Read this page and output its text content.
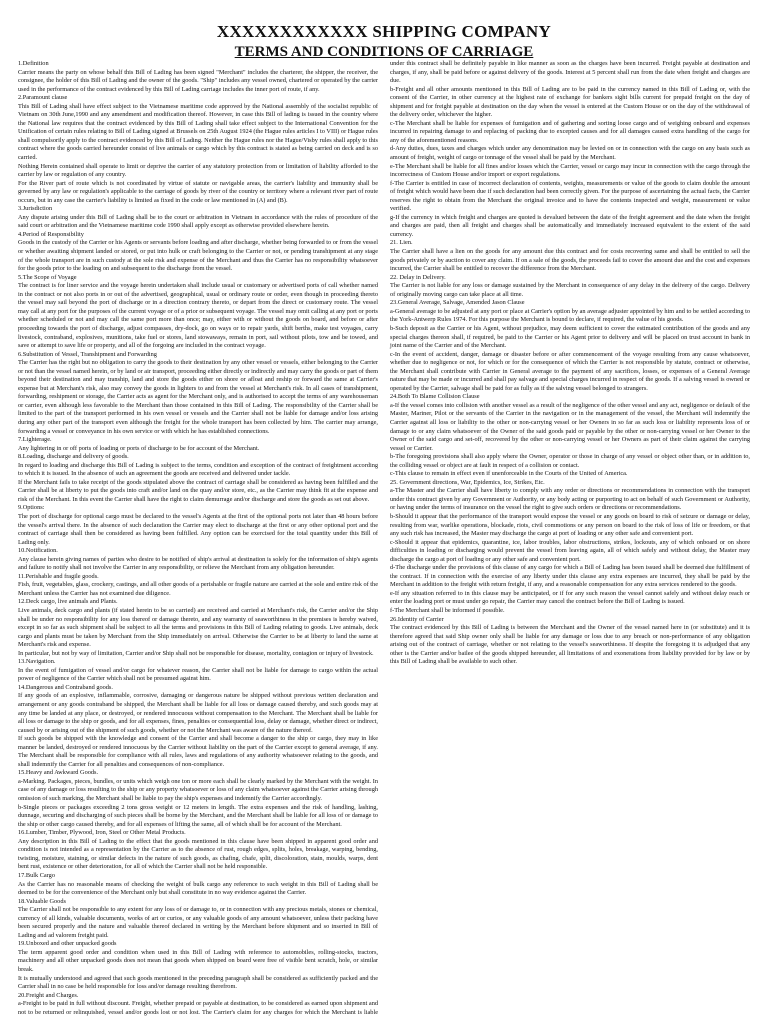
XXXXXXXXXXXX SHIPPING COMPANY
TERMS AND CONDITIONS OF CARRIAGE

1.Definition

Carrier means the party on whose behalf this Bill of Lading has been signed "Merchant" includes the charterer, the shipper, the receiver, the consignee, the holder of this Bill of Lading and the owner of the goods. "Ship" includes any vessel owned, chartered or operated by the carrier used in the performance of the contract evidenced by this Bill of Lading carriage includes the inner port of route, if any.

2.Paramount clause

This Bill of Lading shall have effect subject to the Vietnamese maritime code approved by the National assembly of the socialist republic of Vietnam on 30th June,1990 and any amendment and modification thereof. However, in case this Bill of lading is issued in the country where the National law requires that the contract evidenced by this Bill of Lading shall take effect subject to the International Convention for the Unification of certain rules relating to Bill of Lading signed at Brussels on 25th August 1924 (the Hague rules articles I to VIII) or Hague rules shall compulsorily apply to the contract evidenced by this Bill of Lading. Neither the Hague rules nor the Hague/Visby rules shall apply to this contract where the goods carried hereunder consist of live animals or cargo which by this contract is stated as being carried on deck and is so carried.

Nothing Herein contained shall operate to limit or deprive the carrier of any statutory protection from or limitation of liability afforded to the carrier by law or regulation of any country.

For the River part of route which is not coordinated by virtue of statute or navigable areas, the carrier's liability and immunity shall be governed by any law or regulation's applicable to the carriage of goods by river of the country or territory where a relevant river part of route occurs, but in any case the carrier's liability is limited as fixed in the code or law mentioned in (A) and (B).

3.Jurisdiction

Any dispute arising under this Bill of Lading shall be to the court or arbitration in Vietnam in accordance with the rules of procedure of the said court or arbitration and the Vietnamese maritime code 1990 shall apply except as otherwise provided elsewhere herein.

4.Period of Responsibility

Goods in the custody of the Carrier or his Agents or servants before loading and after discharge, whether being forwarded to or from the vessel or whether awaiting shipment landed or stored, or put into hulk or craft belonging to the Carrier or not, or pending transhipment at any stage of the whole transport are in such custody at the sole risk and expense of the Merchant and thus the Carrier has no responsibility whatsoever for the goods prior to the loading on and subsequent to the discharge from the vessel.

5.The Scope of Voyage

The contract is for liner service and the voyage herein undertaken shall include usual or customary or advertised ports of call whether named in the contract or not also ports in or out of the advertised, geographical, usual or ordinary route or order, even though in proceeding thereto the vessel may sail beyond the port of discharge or in a direction contrary thereto, or depart from the direct or customary route. The vessel may call at any port for the purposes of the current voyage or of a prior or subsequent voyage. The vessel may omit calling at any port or ports whether scheduled or not and may call the same port more than once; may, either with or without the goods on board, and before or after proceeding towards the port of discharge, adjust compasses, dry-dock, go on ways or to repair yards, shift berths, make test voyages, carry livestock, contraband, explosives, munitions, take fuel or stores, land stowaways, remain in port, sail without pilots, tow and be towed, and save or attempt to save life or property, and all of the forgoing are included in the contract voyage.

6.Substitution of Vessel, Transhipment and Forwarding

The Carrier has the right but no obligation to carry the goods to their destination by any other vessel or vessels, either belonging to the Carrier or not than the vessel named herein, or by land or air transport, proceeding either directly or indirectly and may carry the goods or part of them beyond their destination and may tranship, land and store the goods either on shore or afloat and reship or forward the same at Carrier's expense but at Merchant's risk, also may convey the goods in lighters to and from the vessel at Merchant's risk. In all cases of transhipment, forwarding, reshipment or storage, the Carrier acts as agent for the Merchant only, and is authorised to accept the terms of any warehouseman or carrier, even although less favorable to the Merchant than those contained in this Bill of Lading. The responsibility of the Carrier shall be limited to the part of the transport performed in his own vessel or vessels and the Carrier shall not be liable for damage and/or loss arising during any other part of the transport even although the freight for the whole transport has been collected by him. The carrier may arrange, forwarding a vessel or conveyance in his own service or with which he has established connections.

7.Lighterage.

Any lightering in or off ports of loading or ports of discharge to be for account of the Merchant.

8.Loading, discharge and delivery of goods.

In regard to loading and discharge this Bill of Lading is subject to the terms, condition and exception of the contract of freightment according to which it is issued. In the absence of such an agreement the goods are received and delivered under tackle.

If the Merchant fails to take receipt of the goods stipulated above the contract of carriage shall be considered as having been fulfilled and the Carrier shall be at liberty to put the goods into craft and/or land on the quay and/or store, etc., as the Carrier may think fit at the expense and risk of the Merchant. In this event the Carrier shall have the right to claim demurrage and/or discharge and store the goods as set out above.

9.Options:

The port of discharge for optional cargo must be declared to the vessel's Agents at the first of the optional ports not later than 48 hours before the vessel's arrival there. In the absence of such declaration the Carrier may elect to discharge at the first or any other optional port and the contract of carriage shall then be considered as having been fulfilled. Any option can be exercised for the total quantity under this Bill of Lading only.

10.Notification.

Any clause herein giving names of parties who desire to be notified of ship's arrival at destination is solely for the information of ship's agents and failure to notify shall not involve the Carrier in any responsibility, or relieve the Merchant from any obligation hereunder.

11.Perishable and fragile goods.

Fish, fruit, vegetables, glass, crockery, castings, and all other goods of a perishable or fragile nature are carried at the sole and entire risk of the Merchant unless the Carrier has not examined due diligence.

12.Deck cargo, live animals and Plants.

Live animals, deck cargo and plants (if stated herein to be so carried) are received and carried at Merchant's risk, the Carrier and/or the Ship shall be under no responsibility for any loss thereof or damage thereto, and any warranty of seaworthiness in the premises is hereby waived, except in so far as such shipment shall be subject to all the terms and provisions in this Bill of Lading relating to goods. Live animals, deck cargo and plants must be taken by Merchant from the Ship immediately on arrival. Otherwise the Carrier to be at liberty to land the same at Merchant's risk and expense.

In particular, but not by way of limitation, Carrier and/or Ship shall not be responsible for disease, mortality, contagion or injury of livestock.

13.Navigation.

In the event of fumigation of vessel and/or cargo for whatever reason, the Carrier shall not be liable for damage to cargo within the actual power of negligence of the Carrier which shall not be presumed against him.

14.Dangerous and Contraband goods.

If any goods of an explosive, inflammable, corrosive, damaging or dangerous nature be shipped without previous written declaration and arrangement or any goods contraband be shipped, the Merchant shall be liable for all loss or damage caused thereby, and such goods may at any time be landed at any place, or destroyed, or rendered innocuous without compensation to the Merchant. The Merchant shall be liable for all loss or damage to the ship or goods, and for all expenses, fines, penalties or consequential loss, delay or damage, whether direct or indirect, caused by or arising out of the shipment of such goods, whether or not the Merchant was aware of the nature thereof.

If such goods be shipped with the knowledge and consent of the Carrier and shall become a danger to the ship or cargo, they may in like manner be landed, destroyed or rendered innocuous by the Carrier without liability on the part of the Carrier except to general average, if any. The Merchant shall be responsible for compliance with all rules, laws and regulations of any authority whatsoever relating to the goods, and shall indemnify the Carrier for all penalties and consequences of non-compliance.

15.Heavy and Awkward Goods.

a-Marking. Packages, pieces, bundles, or units which weigh one ton or more each shall be clearly marked by the Merchant with the weight. In case of any damage or loss resulting to the ship or any property whatsoever or loss of any claim whatsoever against the Carrier arising through omission of such marking, the Merchant shall be liable to pay the ship's expenses and indemnify the Carrier accordingly.

b-Single pieces or packages exceeding 2 tons gross weight or 12 meters in length. The extra expenses and the risk of handling, lashing, dunnage, securing and discharging of such pieces shall be borne by the Merchant, and the Merchant shall be liable for all loss of or damage to the ship or other cargo caused thereby, and for all expenses of lifting the same, all of which shall be for account of the Merchant.

16.Lumber, Timber, Plywood, Iron, Steel or Other Metal Products.

Any description in this Bill of Lading to the effect that the goods mentioned in this clause have been shipped in apparent good order and condition is not intended as a representation by the Carrier as to the absence of rust, rough edges, splits, holes, breakage, warping, bending, twisting, moisture, staining, or similar defects in the nature of such goods, as chafing, chafe, split, discoloration, stain, moulds, warps, dent bent rust, existence or other deterioration, for all of which the Carrier shall not be held responsible.

17.Bulk Cargo

As the Carrier has no reasonable means of checking the weight of bulk cargo any reference to such weight in this Bill of Lading shall be deemed to be for the convenience of the Merchant only but shall constitute in no way evidence against the Carrier.

18.Valuable Goods

The Carrier shall not be responsible to any extent for any loss of or damage to, or in connection with any precious metals, stones or chemical, currency of all kinds, valuable documents, works of art or curios, or any valuable goods of any amount whatsoever, unless their packing have been secured properly and the nature and valuable thereof declared in writing by the Merchant before shipment and so inserted in Bill of Lading and ad valorem freight paid.

19.Unboxed and other unpacked goods

The term apparent good order and condition when used in this Bill of Lading with reference to automobiles, rolling-stocks, tractors, machinery and all other unpacked goods does not mean that goods when shipped on board were free of visible bent scratch, hole, or similar break.

It is mutually understood and agreed that such goods mentioned in the preceding paragraph shall be considered as sufficiently packed and the Carrier shall in no case be held responsible for loss and/or damage resulting therefrom.

20.Freight and Charges.

a-Freight to be paid in full without discount. Freight, whether prepaid or payable at destination, to be considered as earned upon shipment and not to be returned or relinquished, vessel and/or goods lost or not lost. The Carrier's claim for any charges for which the Merchant is liable under this contract shall be definitely payable in like manner as soon as the charges have been incurred. Freight payable at destination and charges, if any, shall be paid before or against delivery of the goods. Interest at 5 percent shall run from the date when freight and charges are due.

b-Freight and all other amounts mentioned in this Bill of Lading are to be paid in the currency named in this Bill of Lading or, with the consent of the Carrier, in other currency at the highest rate of exchange for bankers sight bills current for prepaid freight on the day of shipment and for freight payable at destination on the day when the vessel is entered at the Custom House or on the day of the withdrawal of the delivery order, whichever the higher.

c-The Merchant shall be liable for expenses of fumigation and of gathering and sorting loose cargo and of weighing onboard and expenses incurred in repairing damage to and replacing of packing due to excepted causes and for all damages caused extra handling of the cargo for any of the aforementioned reasons.

d-Any duties, dues, taxes and charges which under any denomination may be levied on or in connection with the cargo on any basis such as amount of freight, weight of cargo or tonnage of the vessel shall be paid by the Merchant.

e-The Merchant shall be liable for all fines and/or losses which the Carrier, vessel or cargo may incur in connection with the cargo through the incorrectness of Custom House and/or import or export regulations.

f-The Carrier is entitled in case of incorrect declaration of contents, weights, measurements or value of the goods to claim double the amount of freight which would have been due if such declaration had been correctly given. For the purpose of ascertaining the actual facts, the Carrier reserves the right to obtain from the Merchant the original invoice and to have the contents inspected and weight, measurement or value verified.

g-If the currency in which freight and charges are quoted is devalued between the date of the freight agreement and the date when the freight and charges are paid, then all freight and charges shall be automatically and immediately increased equivalent to the extent of the said currency.

21. Lien.

The Carrier shall have a lien on the goods for any amount due this contract and for costs recovering same and shall be entitled to sell the goods privately or by auction to cover any claim. If on a sale of the goods, the proceeds fail to cover the amount due and the cost and expenses incurred, the Carrier shall be entitled to recover the difference from the Merchant.

22. Delay in Delivery.

The Carrier is not liable for any loss or damage sustained by the Merchant in consequence of any delay in the delivery of the cargo. Delivery of originally moving cargo can take place at all time.

23.General Average, Salvage, Amended Jason Clause

a-General average to be adjusted at any port or place at Carrier's option by an average adjuster appointed by him and to be settled according to the York-Antwerp Rules 1974. For this purpose the Merchant is bound to declare, if required, the value of his goods.

b-Such deposit as the Carrier or his Agent, without prejudice, may deem sufficient to cover the estimated contribution of the goods and any special charges thereon shall, if required, be paid to the Carrier or his Agent prior to delivery and will be placed on trust account in bank in joint name of the Carrier and of the Merchant.

c-In the event of accident, danger, damage or disaster before or after commencement of the voyage resulting from any cause whatsoever, whether due to negligence or not, for which or for the consequence of which the Carrier is not responsible by statute, contract or otherwise, the Merchant shall contribute with Carrier in General average to the payment of any sacrifices, losses, or expenses of a General Average nature that may be made or incurred and shall pay salvage and special charges incurred in respect of the goods. If a salving vessel is owned or operated by the Carrier, salvage shall be paid for as fully as if the salving vessel belonged to strangers.

24.Both To Blame Collision Clause

a-If the vessel comes into collision with another vessel as a result of the negligence of the other vessel and any act, negligence or default of the Master, Mariner, Pilot or the servants of the Carrier in the navigation or in the management of the vessel, the Merchant will indemnify the Carrier against all loss or liability to the other or non-carrying vessel or her Owners in so far as such loss or liability represents loss of or damage to or any claim whatsoever of the Owner of the said goods paid or payable by the other or non-carrying vessel or her Owner to the Owner of the said cargo and set-off, recovered by the other or non-carrying vessel or her Owners as part of their claim against the carrying vessel or Carrier.

b-The foregoing provisions shall also apply where the Owner, operator or those in charge of any vessel or object other than, or in addition to, the colliding vessel or object are at fault in respect of a collision or contact.

c-This clause to remain in effect even if unenforceable in the Courts of the United of America.

25. Government directions, War, Epidemics, Ice, Strikes, Etc.

a-The Master and the Carrier shall have liberty to comply with any order or directions or recommendations in connection with the transport under this contract given by any Government or Authority, or any body acting or purporting to act on behalf of such Government or Authority, or having under the terms of insurance on the vessel the right to give such orders or directions or recommendations.

b-Should it appear that the performance of the transport would expose the vessel or any goods on board to risk of seizure or damage or delay, resulting from war, warlike operations, blockade, riots, civil commotions or any person on board to the risk of loss of life or freedom, or that any such risk has increased, the Master may discharge the cargo at port of loading or any other safe and convenient port.

c-Should it appear that epidemics, quarantine, ice, labor troubles, labor obstructions, strikes, lockouts, any of which onboard or on shore difficulties in loading or discharging would prevent the vessel from leaving again, all of which safely and without delay, the Master may discharge the cargo at port of loading or any other safe and convenient port.

d-The discharge under the provisions of this clause of any cargo for which a Bill of Lading has been issued shall be deemed due fulfillment of the contract. If in connection with the exercise of any liberty under this clause any extra expenses are incurred, they shall be paid by the Merchant in addition to the freight with return freight, if any, and a reasonable compensation for any extra services rendered to the goods.

e-If any situation referred to in this clause may be anticipated, or if for any such reason the vessel cannot safely and without delay reach or enter the loading port or must under go repair, the Carrier may cancel the contract before the Bill of Lading is issued.

f-The Merchant shall be informed if possible.

26.Identity of Carrier

The contract evidenced by this Bill of Lading is between the Merchant and the Owner of the vessel named here in (or substitute) and it is therefore agreed that said Ship owner only shall be liable for any damage or loss due to any breach or non-performance of any obligation arising out of the contract of carriage, whether or not relating to the vessel's seaworthiness. If despite the foregoing it is adjudged that any other is the Carrier and/or bailee of the goods shipped hereunder, all limitations of and exonerations from liability provided for by law or by this Bill of Lading shall be available to such other.
